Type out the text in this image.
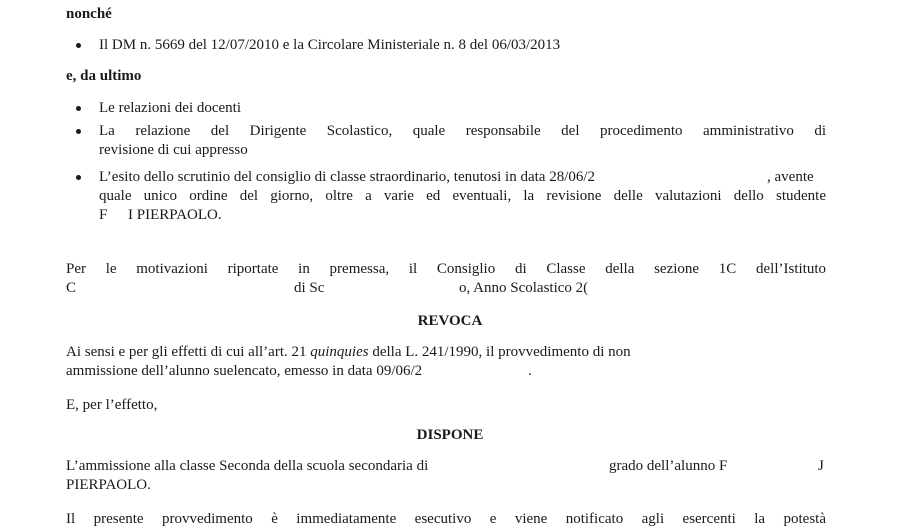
nonché
Il DM n. 5669 del 12/07/2010 e la Circolare Ministeriale n. 8 del 06/03/2013
e, da ultimo
Le relazioni dei docenti
La relazione del Dirigente Scolastico, quale responsabile del procedimento amministrativo di
revisione di cui appresso
L’esito dello scrutinio del consiglio di classe straordinario, tenutosi in data 28/06/2	, avente
quale unico ordine del giorno, oltre a varie ed eventuali, la revisione delle valutazioni dello studente
F I PIERPAOLO.
Per le motivazioni riportate in premessa, il Consiglio di Classe della sezione 1C dell’Istituto
C	di Sc	o, Anno Scolastico 2(
REVOCA
Ai sensi e per gli effetti di cui all’art. 21 quinquies della L. 241/1990, il provvedimento di non
ammissione dell’alunno suelencato, emesso in data 09/06/2	.
E, per l’effetto,
DISPONE
L’ammissione alla classe Seconda della scuola secondaria di	grado dell’alunno F	J
PIERPAOLO.
Il presente provvedimento è immediatamente esecutivo e viene notificato agli esercenti la potestà
